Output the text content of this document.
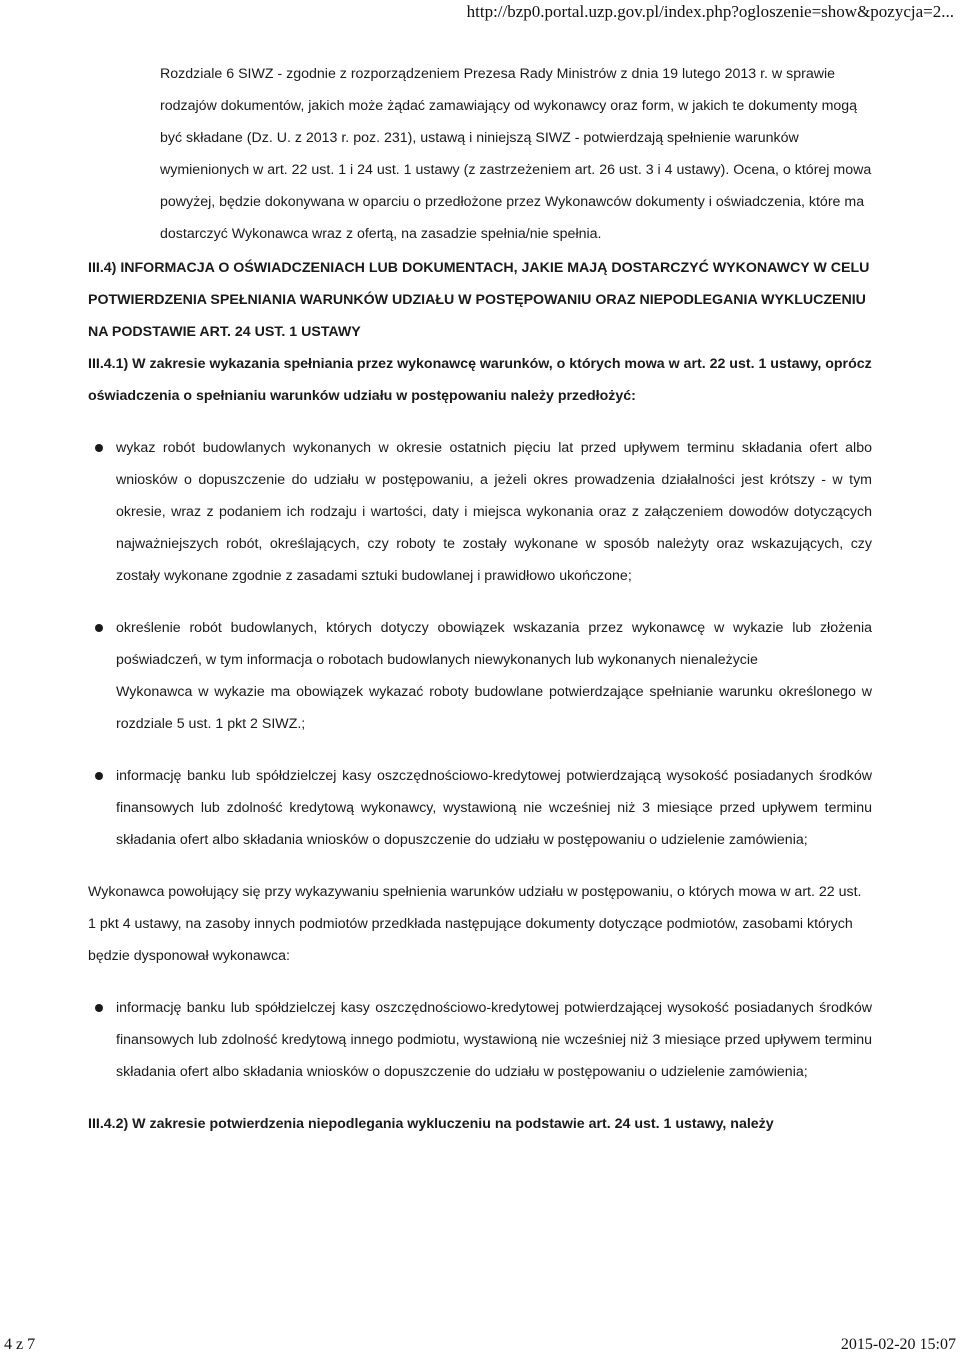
http://bzp0.portal.uzp.gov.pl/index.php?ogloszenie=show&pozycja=2...
Rozdziale 6 SIWZ - zgodnie z rozporządzeniem Prezesa Rady Ministrów z dnia 19 lutego 2013 r. w sprawie rodzajów dokumentów, jakich może żądać zamawiający od wykonawcy oraz form, w jakich te dokumenty mogą być składane (Dz. U. z 2013 r. poz. 231), ustawą i niniejszą SIWZ - potwierdzają spełnienie warunków wymienionych w art. 22 ust. 1 i 24 ust. 1 ustawy (z zastrzeżeniem art. 26 ust. 3 i 4 ustawy). Ocena, o której mowa powyżej, będzie dokonywana w oparciu o przedłożone przez Wykonawców dokumenty i oświadczenia, które ma dostarczyć Wykonawca wraz z ofertą, na zasadzie spełnia/nie spełnia.
III.4) INFORMACJA O OŚWIADCZENIACH LUB DOKUMENTACH, JAKIE MAJĄ DOSTARCZYĆ WYKONAWCY W CELU POTWIERDZENIA SPEŁNIANIA WARUNKÓW UDZIAŁU W POSTĘPOWANIU ORAZ NIEPODLEGANIA WYKLUCZENIU NA PODSTAWIE ART. 24 UST. 1 USTAWY
III.4.1) W zakresie wykazania spełniania przez wykonawcę warunków, o których mowa w art. 22 ust. 1 ustawy, oprócz oświadczenia o spełnianiu warunków udziału w postępowaniu należy przedłożyć:
wykaz robót budowlanych wykonanych w okresie ostatnich pięciu lat przed upływem terminu składania ofert albo wniosków o dopuszczenie do udziału w postępowaniu, a jeżeli okres prowadzenia działalności jest krótszy - w tym okresie, wraz z podaniem ich rodzaju i wartości, daty i miejsca wykonania oraz z załączeniem dowodów dotyczących najważniejszych robót, określających, czy roboty te zostały wykonane w sposób należyty oraz wskazujących, czy zostały wykonane zgodnie z zasadami sztuki budowlanej i prawidłowo ukończone;
określenie robót budowlanych, których dotyczy obowiązek wskazania przez wykonawcę w wykazie lub złożenia poświadczeń, w tym informacja o robotach budowlanych niewykonanych lub wykonanych nienależycie
Wykonawca w wykazie ma obowiązek wykazać roboty budowlane potwierdzające spełnianie warunku określonego w rozdziale 5 ust. 1 pkt 2 SIWZ.;
informację banku lub spółdzielczej kasy oszczędnościowo-kredytowej potwierdzającą wysokość posiadanych środków finansowych lub zdolność kredytową wykonawcy, wystawioną nie wcześniej niż 3 miesiące przed upływem terminu składania ofert albo składania wniosków o dopuszczenie do udziału w postępowaniu o udzielenie zamówienia;
Wykonawca powołujący się przy wykazywaniu spełnienia warunków udziału w postępowaniu, o których mowa w art. 22 ust. 1 pkt 4 ustawy, na zasoby innych podmiotów przedkłada następujące dokumenty dotyczące podmiotów, zasobami których będzie dysponował wykonawca:
informację banku lub spółdzielczej kasy oszczędnościowo-kredytowej potwierdzającej wysokość posiadanych środków finansowych lub zdolność kredytową innego podmiotu, wystawioną nie wcześniej niż 3 miesiące przed upływem terminu składania ofert albo składania wniosków o dopuszczenie do udziału w postępowaniu o udzielenie zamówienia;
III.4.2) W zakresie potwierdzenia niepodlegania wykluczeniu na podstawie art. 24 ust. 1 ustawy, należy
4 z 7	2015-02-20 15:07
